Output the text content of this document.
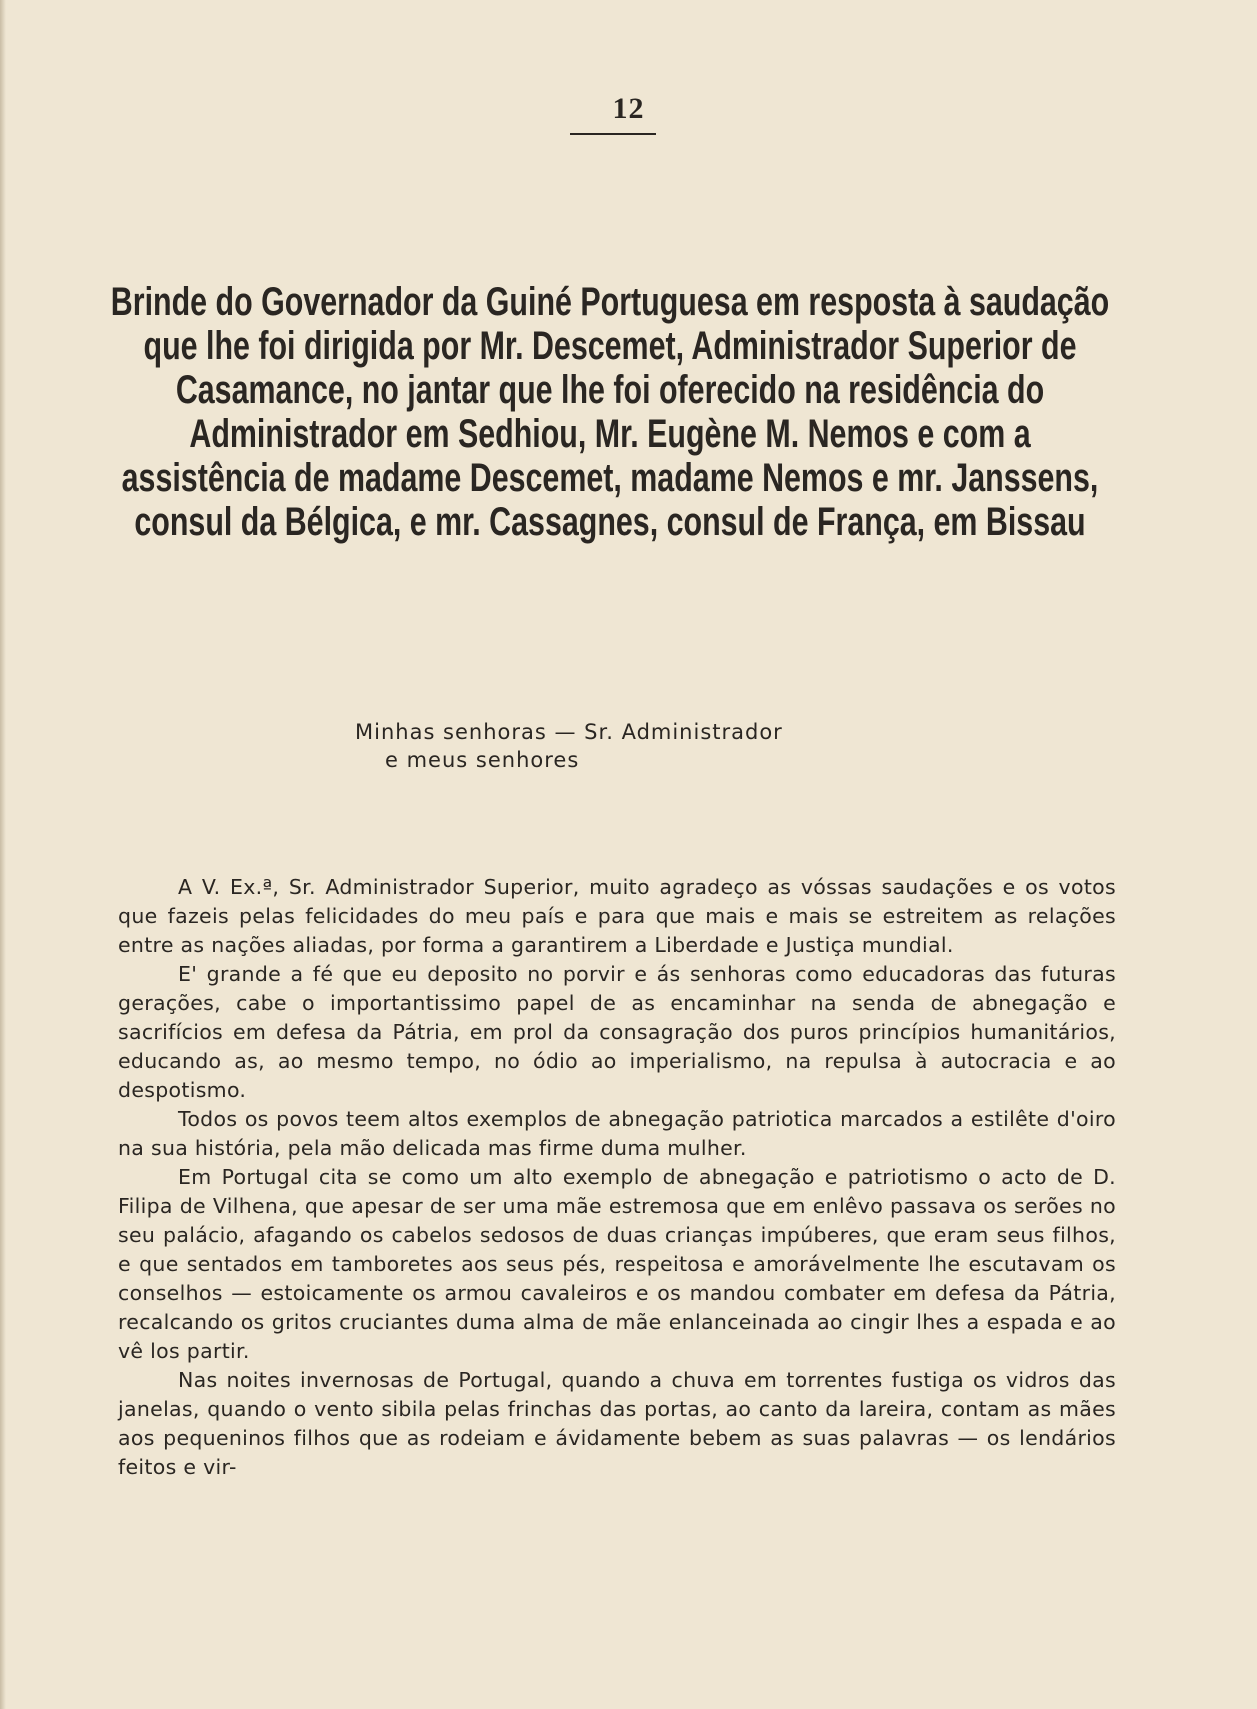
12
Brinde do Governador da Guiné Portuguesa em resposta à saudação que lhe foi dirigida por Mr. Descemet, Administrador Superior de Casamance, no jantar que lhe foi oferecido na residência do Administrador em Sedhiou, Mr. Eugène M. Nemos e com a assistência de madame Descemet, madame Nemos e mr. Janssens, consul da Bélgica, e mr. Cassagnes, consul de França, em Bissau
Minhas senhoras — Sr. Administrador
e meus senhores

A V. Ex.ª, Sr. Administrador Superior, muito agradeço as vóssas saudações e os votos que fazeis pelas felicidades do meu país e para que mais e mais se estreitem as relações entre as nações aliadas, por forma a garantirem a Liberdade e Justiça mundial.

E' grande a fé que eu deposito no porvir e ás senhoras como educadoras das futuras gerações, cabe o importantissimo papel de as encaminhar na senda de abnegação e sacrifícios em defesa da Pátria, em prol da consagração dos puros princípios humanitários, educando as, ao mesmo tempo, no ódio ao imperialismo, na repulsa à autocracia e ao despotismo.

Todos os povos teem altos exemplos de abnegação patriotica marcados a estilête d'oiro na sua história, pela mão delicada mas firme duma mulher.

Em Portugal cita se como um alto exemplo de abnegação e patriotismo o acto de D. Filipa de Vilhena, que apesar de ser uma mãe estremosa que em enlêvo passava os serões no seu palácio, afagando os cabelos sedosos de duas crianças impúberes, que eram seus filhos, e que sentados em tamboretes aos seus pés, respeitosa e amorávelmente lhe escutavam os conselhos — estoicamente os armou cavaleiros e os mandou combater em defesa da Pátria, recalcando os gritos cruciantes duma alma de mãe enlanceinada ao cingir lhes a espada e ao vê los partir.

Nas noites invernosas de Portugal, quando a chuva em torrentes fustiga os vidros das janelas, quando o vento sibila pelas frinchas das portas, ao canto da lareira, contam as mães aos pequeninos filhos que as rodeiam e ávidamente bebem as suas palavras — os lendários feitos e vir-
